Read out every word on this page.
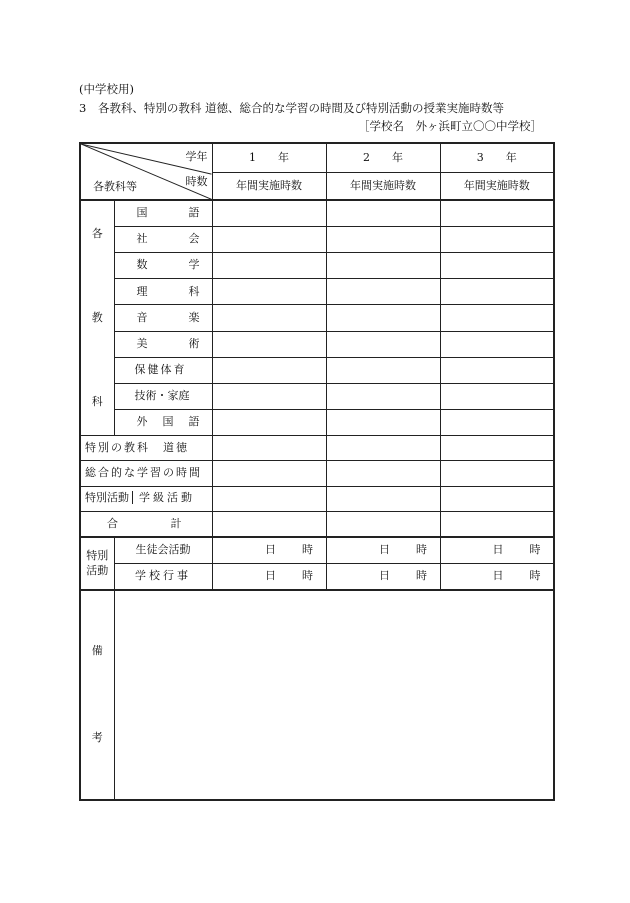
(中学校用)
3　各教科、特別の教科 道徳、総合的な学習の時間及び特別活動の授業実施時数等
［学校名　外ヶ浜町立〇〇中学校］
学年
時数
各教科等		1　　年	2　　年	3　　年
		年間実施時数	年間実施時数	年間実施時数

各
教
科	国 語			

	社 会			

	数 学			

	理 科			

	音 楽			

	美 術			

	保健体育			
	技術・家庭			

	外 国 語			

特別の教科　道徳				
総合的な学習の時間				
特別活動 学級活動				

合 計				

特別
活動	生徒会活動	日 時	日 時	日 時

	学校行事	日 時	日 時	日 時

備
考				
